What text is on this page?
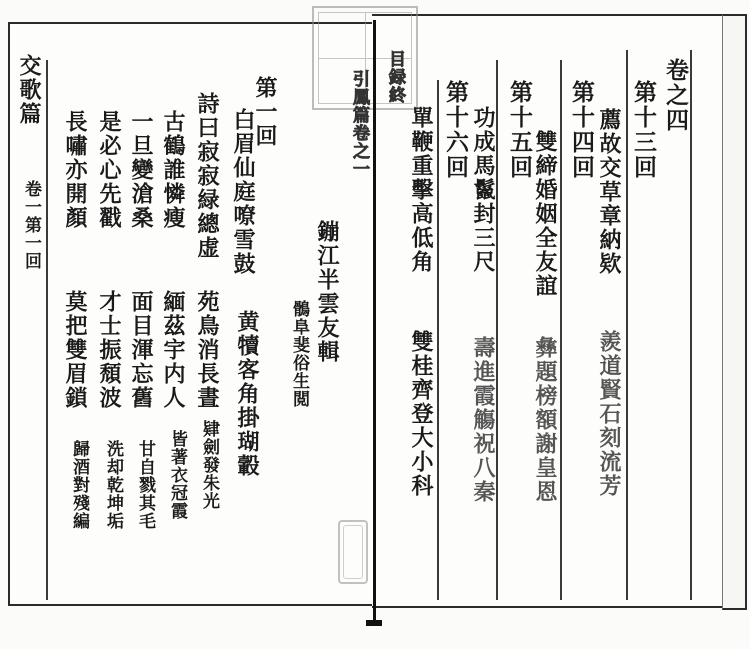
卷之四
第十三回
薦故交草章納欵
羨道賢石刻流芳
第十四回
雙締婚姻全友誼
彝題榜額謝皇恩
第十五回
功成馬鬣封三尺
壽進霞觴祝八秦
第十六回
單鞭重擊高低角
雙桂齊登大小科
目録終
引鳳篇卷之一
鏰江半雲友輯
鶻阜斐俗生閲
第一回
白眉仙庭嘹雪鼓
黄犢客角掛瑚轂
詩曰寂寂緑總虚
古鶴誰憐瘦
一旦變滄桑
是必心先戳
長嘯亦開顏
苑鳥消長晝
緬茲宇内人
面目渾忘舊
才士振頹波
莫把雙眉鎖
肄劍發朱光
皆著衣冠霞
甘自戮其毛
洗却乾坤垢
歸酒對殘編
交歌篇
卷一第一回
